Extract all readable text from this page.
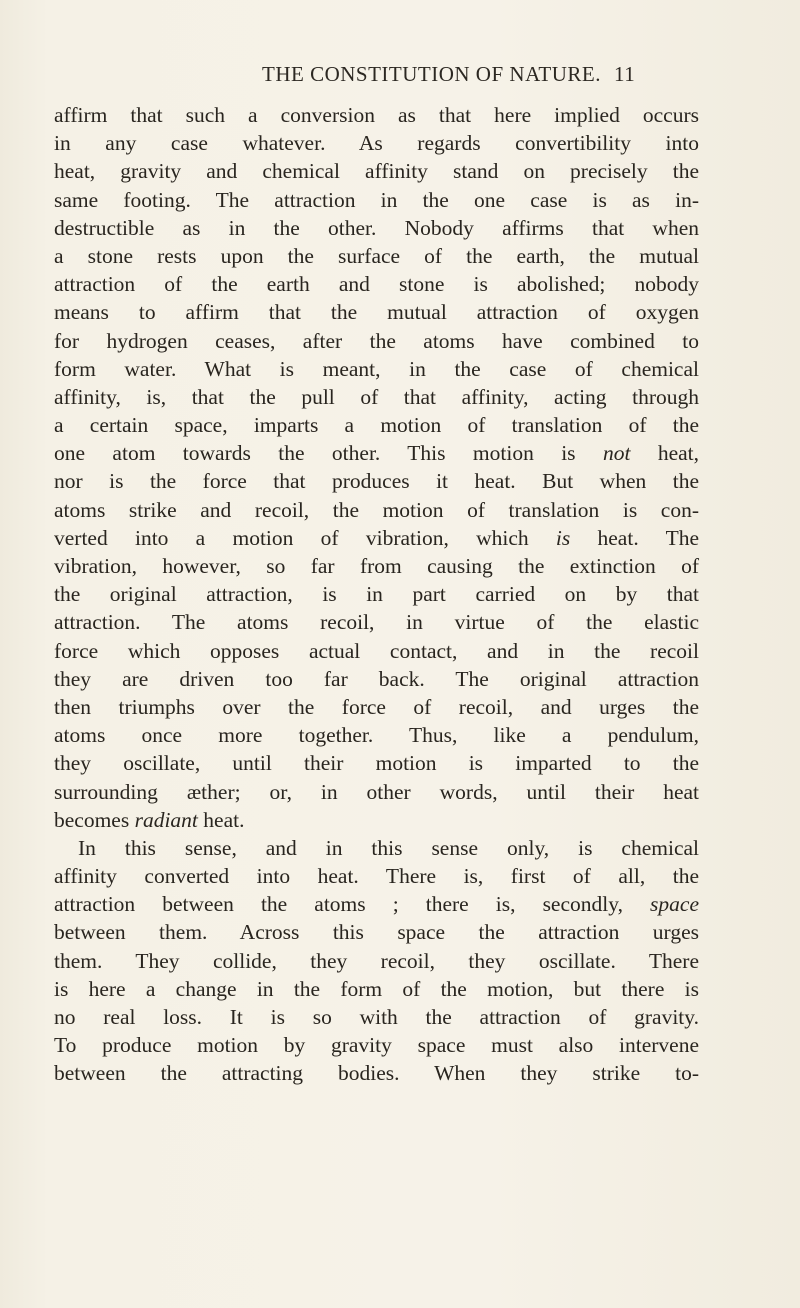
THE CONSTITUTION OF NATURE. 11
affirm that such a conversion as that here implied occurs
in any case whatever. As regards convertibility into
heat, gravity and chemical affinity stand on precisely the
same footing. The attraction in the one case is as in-
destructible as in the other. Nobody affirms that when
a stone rests upon the surface of the earth, the mutual
attraction of the earth and stone is abolished; nobody
means to affirm that the mutual attraction of oxygen
for hydrogen ceases, after the atoms have combined to
form water. What is meant, in the case of chemical
affinity, is, that the pull of that affinity, acting through
a certain space, imparts a motion of translation of the
one atom towards the other. This motion is not heat,
nor is the force that produces it heat. But when the
atoms strike and recoil, the motion of translation is con-
verted into a motion of vibration, which is heat. The
vibration, however, so far from causing the extinction of
the original attraction, is in part carried on by that
attraction. The atoms recoil, in virtue of the elastic
force which opposes actual contact, and in the recoil
they are driven too far back. The original attraction
then triumphs over the force of recoil, and urges the
atoms once more together. Thus, like a pendulum,
they oscillate, until their motion is imparted to the
surrounding æther; or, in other words, until their heat
becomes radiant heat.
In this sense, and in this sense only, is chemical
affinity converted into heat. There is, first of all, the
attraction between the atoms ; there is, secondly, space
between them. Across this space the attraction urges
them. They collide, they recoil, they oscillate. There
is here a change in the form of the motion, but there is
no real loss. It is so with the attraction of gravity.
To produce motion by gravity space must also intervene
between the attracting bodies. When they strike to-
